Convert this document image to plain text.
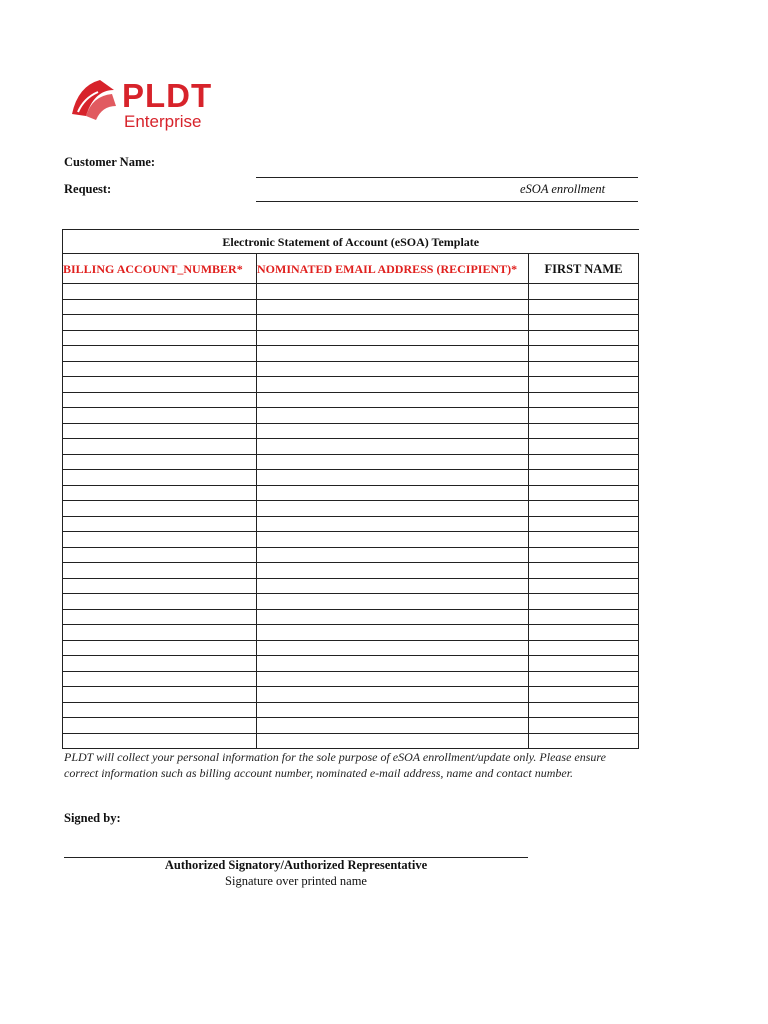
PLDT
Enterprise
Customer Name:
Request:	eSOA enrollment
Electronic Statement of Account (eSOA) Template		
BILLING ACCOUNT_NUMBER*	NOMINATED EMAIL ADDRESS (RECIPIENT)*	FIRST NAME

PLDT will collect your personal information for the sole purpose of eSOA enrollment/update only. Please ensure
correct information such as billing account number, nominated e-mail address, name and contact number.
Signed by:
Authorized Signatory/Authorized Representative
Signature over printed name
